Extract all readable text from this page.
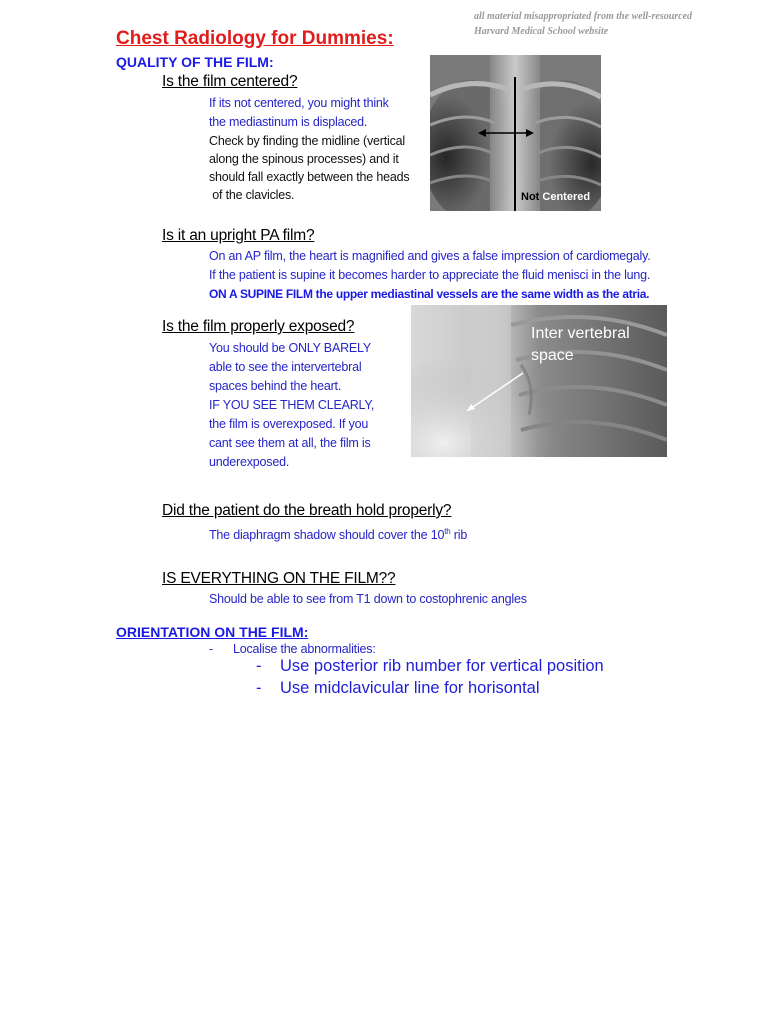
all material misappropriated from the well-resourced
Harvard Medical School website
Chest Radiology for Dummies:
QUALITY OF THE FILM:
Is the film centered?
If its not centered, you might think
the mediastinum is displaced.
Check by finding the midline (vertical
along the spinous processes) and it
should fall exactly between the heads
of the clavicles.	Not Centered
Is it an upright PA film?
On an AP film, the heart is magnified and gives a false impression of cardiomegaly.
If the patient is supine it becomes harder to appreciate the fluid menisci in the lung.
ON A SUPINE FILM the upper mediastinal vessels are the same width as the atria.
Is the film properly exposed?
You should be ONLY BARELY
able to see the intervertebral
spaces behind the heart.
IF YOU SEE THEM CLEARLY,
the film is overexposed. If you
cant see them at all, the film is
underexposed.
Inter vertebral
space
Did the patient do the breath hold properly?
The diaphragm shadow should cover the 10th rib
IS EVERYTHING ON THE FILM??
Should be able to see from T1 down to costophrenic angles
ORIENTATION ON THE FILM:
- Localise the abnormalities:
- Use posterior rib number for vertical position
- Use midclavicular line for horisontal
